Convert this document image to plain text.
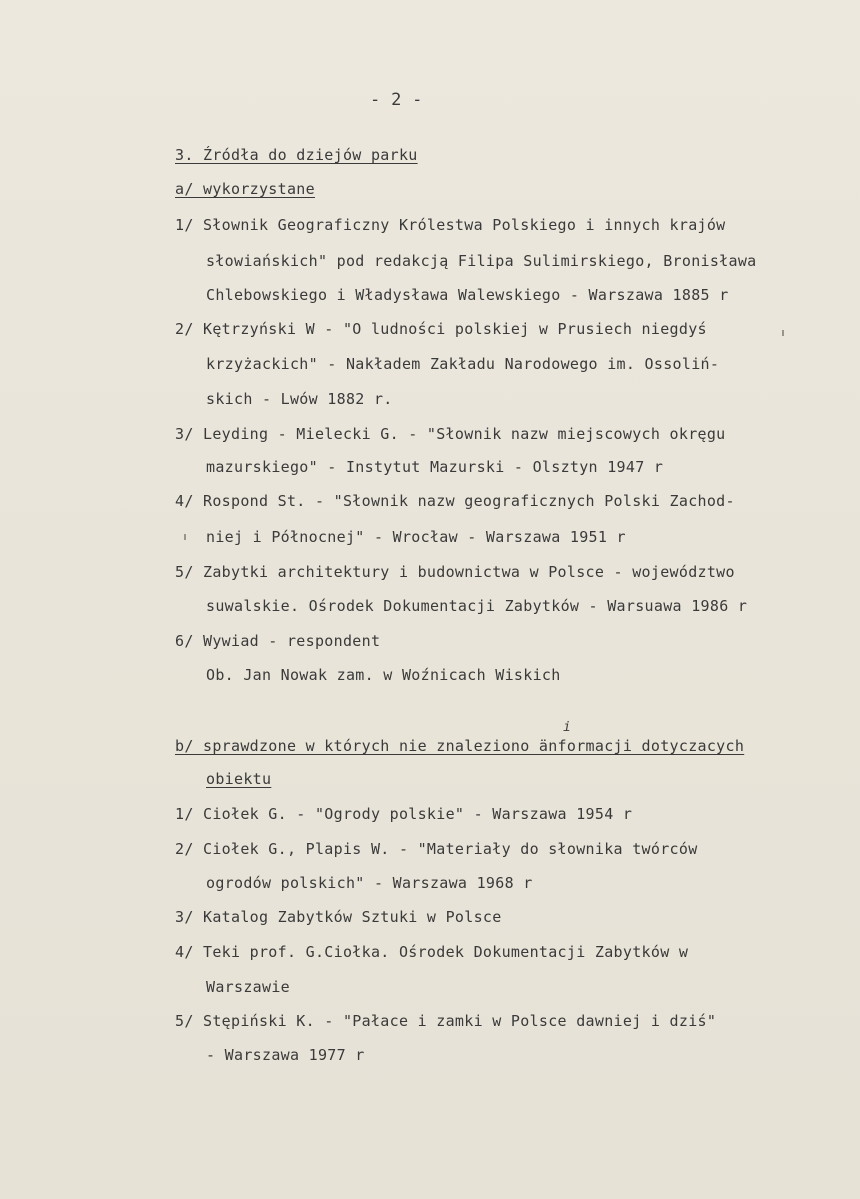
- 2 -
3. Źródła do dziejów parku
a/ wykorzystane
1/ Słownik Geograficzny Królestwa Polskiego i innych krajów
słowiańskich" pod redakcją Filipa Sulimirskiego, Bronisława
Chlebowskiego i Władysława Walewskiego - Warszawa 1885 r
2/ Kętrzyński W - "O ludności polskiej w Prusiech niegdyś
krzyżackich" - Nakładem Zakładu Narodowego im. Ossoliń-
skich - Lwów 1882 r.
3/ Leyding - Mielecki G. - "Słownik nazw miejscowych okręgu
mazurskiego" - Instytut Mazurski - Olsztyn 1947 r
4/ Rospond St. - "Słownik nazw geograficznych Polski Zachod-
niej i Północnej" - Wrocław - Warszawa 1951 r
5/ Zabytki architektury i budownictwa w Polsce - województwo
suwalskie. Ośrodek Dokumentacji Zabytków - Warsuawa 1986 r
6/ Wywiad - respondent
Ob. Jan Nowak zam. w Woźnicach Wiskich
i
b/ sprawdzone w których nie znaleziono änformacji dotyczacych
obiektu
1/ Ciołek G. - "Ogrody polskie" - Warszawa 1954 r
2/ Ciołek G., Plapis W. - "Materiały do słownika twórców
ogrodów polskich" - Warszawa 1968 r
3/ Katalog Zabytków Sztuki w Polsce
4/ Teki prof. G.Ciołka. Ośrodek Dokumentacji Zabytków w
Warszawie
5/ Stępiński K. - "Pałace i zamki w Polsce dawniej i dziś"
- Warszawa 1977 r
